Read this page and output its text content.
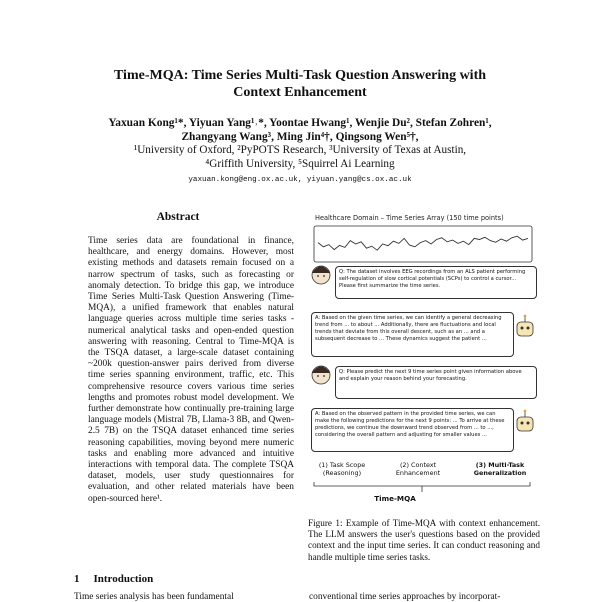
Time-MQA: Time Series Multi-Task Question Answering with
Context Enhancement
Yaxuan Kong¹*, Yiyuan Yang¹˒*, Yoontae Hwang¹, Wenjie Du², Stefan Zohren¹,
Zhangyang Wang³, Ming Jin⁴†, Qingsong Wen⁵†,
¹University of Oxford, ²PyPOTS Research, ³University of Texas at Austin,
⁴Griffith University, ⁵Squirrel Ai Learning
yaxuan.kong@eng.ox.ac.uk, yiyuan.yang@cs.ox.ac.uk
Abstract

Time series data are foundational in finance, healthcare, and energy domains. However, most existing methods and datasets remain focused on a narrow spectrum of tasks, such as forecasting or anomaly detection. To bridge this gap, we introduce Time Series Multi-Task Question Answering (Time-MQA), a unified framework that enables natural language queries across multiple time series tasks - numerical analytical tasks and open-ended question answering with reasoning. Central to Time-MQA is the TSQA dataset, a large-scale dataset containing ~200k question-answer pairs derived from diverse time series spanning environment, traffic, etc. This comprehensive resource covers various time series lengths and promotes robust model development. We further demonstrate how continually pre-training large language models (Mistral 7B, Llama-3 8B, and Qwen-2.5 7B) on the TSQA dataset enhanced time series reasoning capabilities, moving beyond mere numeric tasks and enabling more advanced and intuitive interactions with temporal data. The complete TSQA dataset, models, user study questionnaires for evaluation, and other related materials have been open-sourced here¹.

1 Introduction
Time series analysis has been fundamental	conventional time series approaches by incorporat-
Healthcare Domain – Time Series Array (150 time points)
Q: The dataset involves EEG recordings from an ALS patient performing self-regulation of slow cortical potentials (SCPs) to control a cursor... Please first summarize the time series.
A: Based on the given time series, we can identify a general decreasing trend from ... to about ... Additionally, there are fluctuations and local trends that deviate from this overall descent, such as an ... and a subsequent decrease to ... These dynamics suggest the patient ...
Q: Please predict the next 9 time series point given information above and explain your reason behind your forecasting.
A: Based on the observed pattern in the provided time series, we can make the following predictions for the next 9 points: ... To arrive at these predictions, we continue the downward trend observed from ... to ..., considering the overall pattern and adjusting for smaller values ...
(1) Task Scope (Reasoning)
(2) Context Enhancement
(3) Multi-Task Generalization
Time-MQA
Figure 1: Example of Time-MQA with context enhancement. The LLM answers the user's questions based on the provided context and the input time series. It can conduct reasoning and handle multiple time series tasks.
